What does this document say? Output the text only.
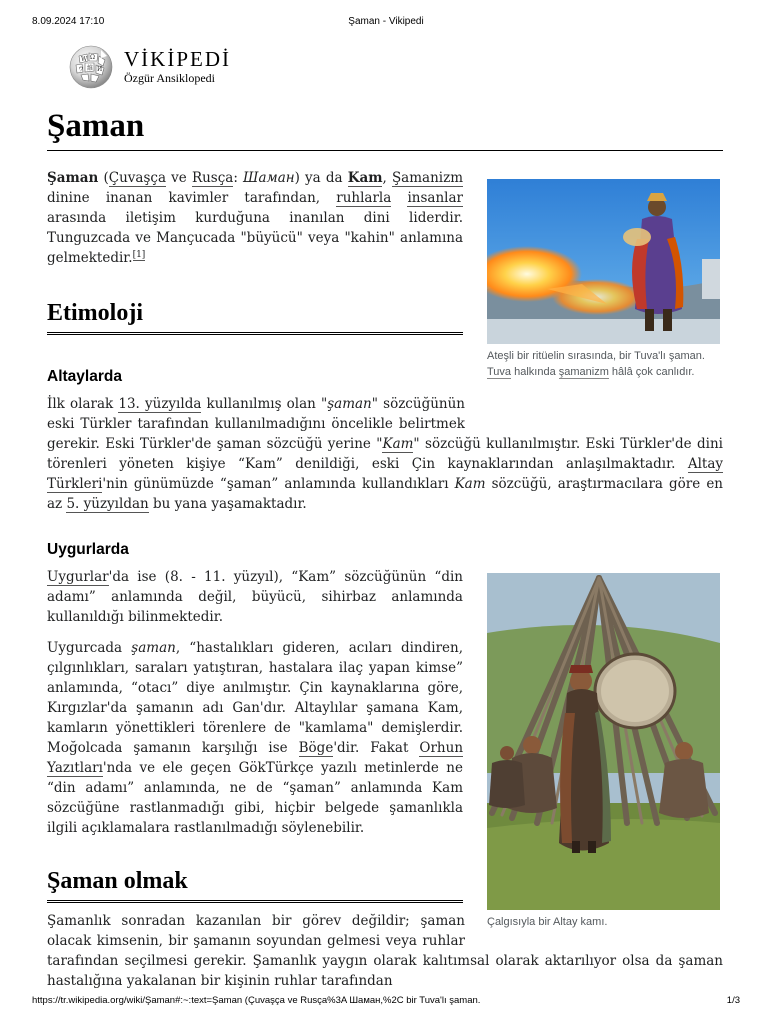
8.09.2024 17:10	Şaman - Vikipedi
W Ω
維 И
ウ VİKİPEDİ
Özgür Ansiklopedi
Şaman

Şaman (Çuvaşça ve Rusça: Шаман) ya da Kam, Şamanizm dinine inanan kavimler tarafından, ruhlarla insanlar arasında iletişim kurduğuna inanılan dini liderdir. Tunguzcada ve Mançucada "büyücü" veya "kahin" anlamına gelmektedir.[1]

Ateşli bir ritüelin sırasında, bir Tuva'lı şaman. Tuva halkında şamanizm hâlâ çok canlıdır.
Etimoloji
Altaylarda

İlk olarak 13. yüzyılda kullanılmış olan "şaman" sözcüğünün eski Türkler tarafından kullanılmadığını öncelikle belirtmek gerekir. Eski Türkler'de şaman sözcüğü yerine "Kam" sözcüğü kullanılmıştır. Eski Türkler'de dini törenleri yöneten kişiye “Kam” denildiği, eski Çin kaynaklarından anlaşılmaktadır. Altay Türkleri'nin günümüzde “şaman” anlamında kullandıkları Kam sözcüğü, araştırmacılara göre en az 5. yüzyıldan bu yana yaşamaktadır.

Uygurlarda

Uygurlar'da ise (8. - 11. yüzyıl), “Kam” sözcüğünün “din adamı” anlamında değil, büyücü, sihirbaz anlamında kullanıldığı bilinmektedir.

Uygurcada şaman, “hastalıkları gideren, acıları dindiren, çılgınlıkları, saraları yatıştıran, hastalara ilaç yapan kimse” anlamında, “otacı” diye anılmıştır. Çin kaynaklarına göre, Kırgızlar'da şamanın adı Gan'dır. Altaylılar şamana Kam, kamların yönettikleri törenlere de "kamlama" demişlerdir. Moğolcada şamanın karşılığı ise Böge'dir. Fakat Orhun Yazıtları'nda ve ele geçen GökTürkçe yazılı metinlerde ne “din adamı” anlamında, ne de “şaman” anlamında Kam sözcüğüne rastlanmadığı gibi, hiçbir belgede şamanlıkla ilgili açıklamalara rastlanılmadığı söylenebilir.

Çalgısıyla bir Altay kamı.
Şaman olmak

Şamanlık sonradan kazanılan bir görev değildir; şaman olacak kimsenin, bir şamanın soyundan gelmesi veya ruhlar tarafından seçilmesi gerekir. Şamanlık yaygın olarak kalıtımsal olarak aktarılıyor olsa da şaman hastalığına yakalanan bir kişinin ruhlar tarafından

https://tr.wikipedia.org/wiki/Şaman#:~:text=Şaman (Çuvaşça ve Rusça%3A Шаман,%2C bir Tuva'lı şaman.	1/3
